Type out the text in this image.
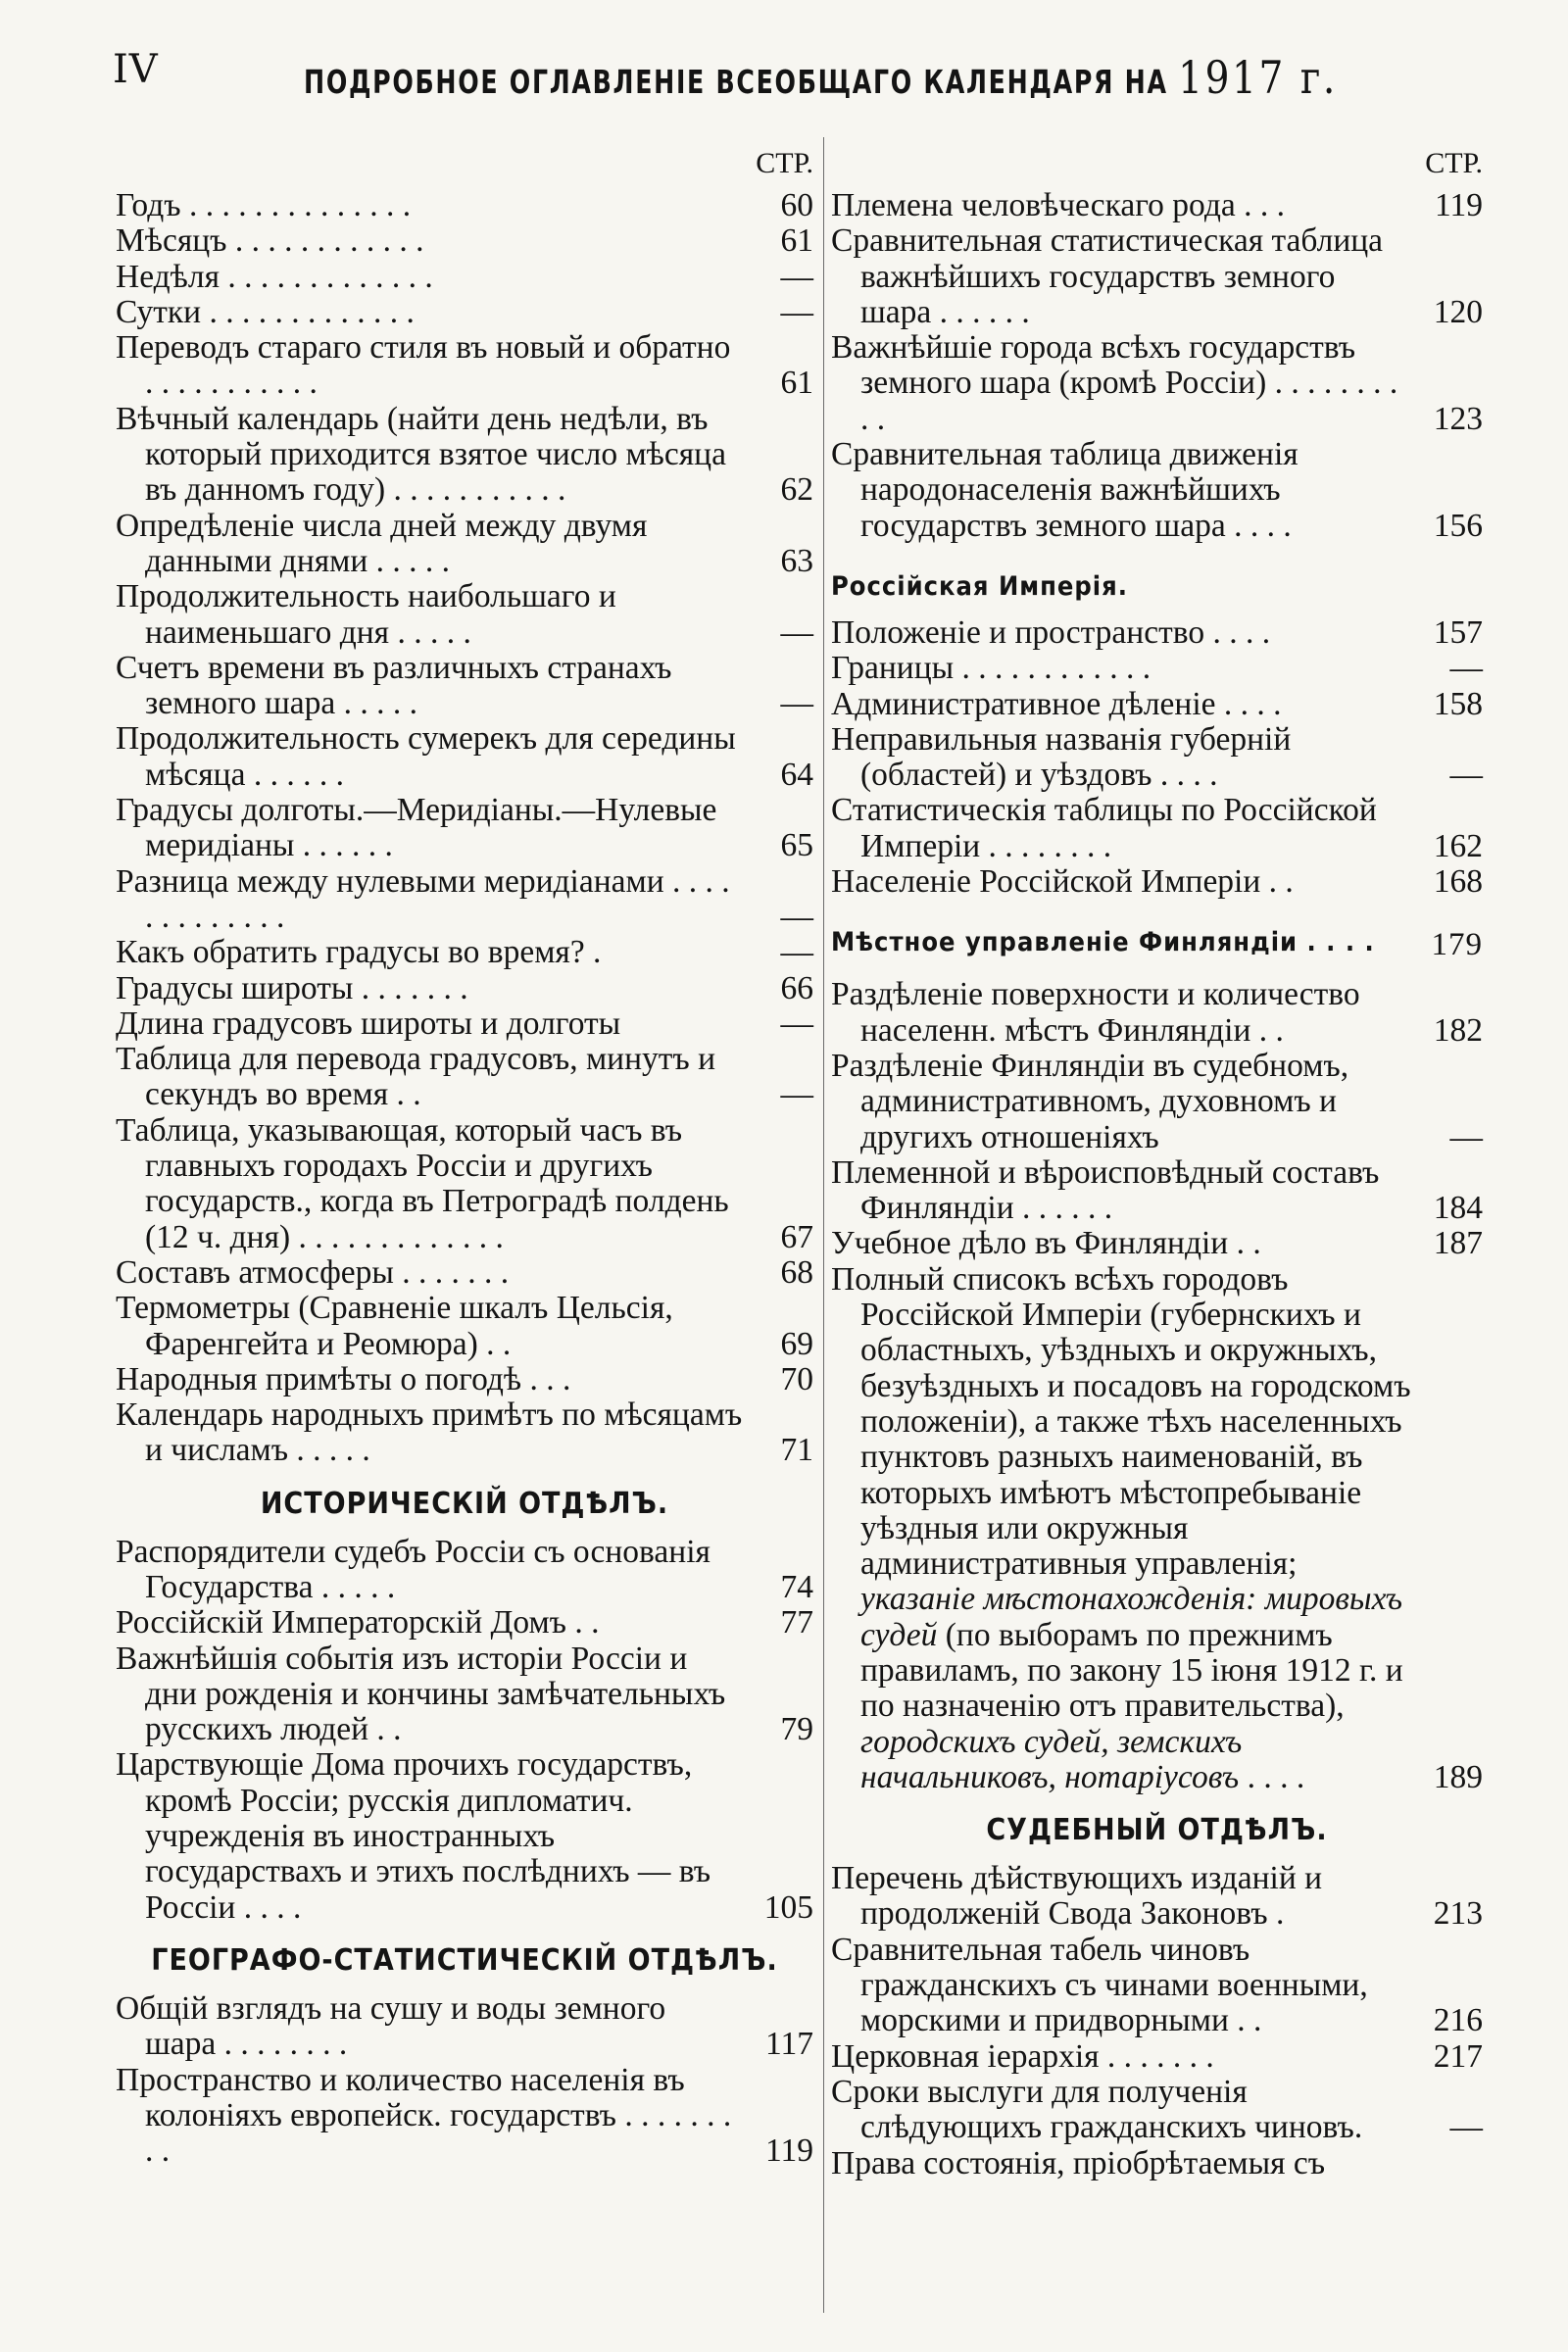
IV	ПОДРОБНОЕ ОГЛАВЛЕНІЕ ВСЕОБЩАГО КАЛЕНДАРЯ НА 1917 г.
СТР.
Годъ . . . . . . . . . . . . . .	60
Мѣсяцъ . . . . . . . . . . . .	61
Недѣля . . . . . . . . . . . . .	—
Сутки . . . . . . . . . . . . .	—
Переводъ стараго стиля въ новый и обратно . . . . . . . . . . .	61
Вѣчный календарь (найти день недѣли, въ который приходится взятое число мѣсяца въ данномъ году) . . . . . . . . . . .	62
Опредѣленіе числа дней между двумя данными днями . . . . .	63
Продолжительность наибольшаго и наименьшаго дня . . . . .	—
Счетъ времени въ различныхъ странахъ земного шара . . . . .	—
Продолжительность сумерекъ для середины мѣсяца . . . . . .	64
Градусы долготы.—Меридіаны.—Нулевые меридіаны . . . . . .	65
Разница между нулевыми меридіанами . . . . . . . . . . . . .	—
Какъ обратить градусы во время? .	—
Градусы широты . . . . . . .	66
Длина градусовъ широты и долготы	—
Таблица для перевода градусовъ, минутъ и секундъ во время . .	—
Таблица, указывающая, который часъ въ главныхъ городахъ Россіи и другихъ государств., когда въ Петроградѣ полдень (12 ч. дня) . . . . . . . . . . . . .	67
Составъ атмосферы . . . . . . .	68
Термометры (Сравненіе шкалъ Цельсія, Фаренгейта и Реомюра) . .	69
Народныя примѣты о погодѣ . . .	70
Календарь народныхъ примѣтъ по мѣсяцамъ и числамъ . . . . .	71
ИСТОРИЧЕСКІЙ ОТДѢЛЪ.
Распорядители судебъ Россіи съ основанія Государства . . . . .	74
Россійскій Императорскій Домъ . .	77
Важнѣйшія событія изъ исторіи Россіи и дни рожденія и кончины замѣчательныхъ русскихъ людей . .	79
Царствующіе Дома прочихъ государствъ, кромѣ Россіи; русскія дипломатич. учрежденія въ иностранныхъ государствахъ и этихъ послѣднихъ — въ Россіи . . . .	105
ГЕОГРАФО-СТАТИСТИЧЕСКІЙ ОТДѢЛЪ.
Общій взглядъ на сушу и воды земного шара . . . . . . . .	117
Пространство и количество населенія въ колоніяхъ европейск. государствъ . . . . . . . . .	119
СТР.
Племена человѣческаго рода . . .	119
Сравнительная статистическая таблица важнѣйшихъ государствъ земного шара . . . . . .	120
Важнѣйшіе города всѣхъ государствъ земного шара (кромѣ Россіи) . . . . . . . . . .	123
Сравнительная таблица движенія народонаселенія важнѣйшихъ государствъ земного шара . . . .	156
Россійская Имперія.
Положеніе и пространство . . . .	157
Границы . . . . . . . . . . . .	—
Административное дѣленіе . . . .	158
Неправильныя названія губерній (областей) и уѣздовъ . . . .	—
Статистическія таблицы по Россійской Имперіи . . . . . . . .	162
Населеніе Россійской Имперіи . .	168
Мѣстное управленіе Финляндіи . . . . 179
Раздѣленіе поверхности и количество населенн. мѣстъ Финляндіи . .	182
Раздѣленіе Финляндіи въ судебномъ, административномъ, духовномъ и другихъ отношеніяхъ	—
Племенной и вѣроисповѣдный составъ Финляндіи . . . . . .	184
Учебное дѣло въ Финляндіи . .	187
Полный списокъ всѣхъ городовъ Россійской Имперіи (губернскихъ и областныхъ, уѣздныхъ и окружныхъ, безуѣздныхъ и посадовъ на городскомъ положеніи), а также тѣхъ населенныхъ пунктовъ разныхъ наименованій, въ которыхъ имѣютъ мѣстопребываніе уѣздныя или окружныя административныя управленія; указаніе мѣстонахожденія: мировыхъ судей (по выборамъ по прежнимъ правиламъ, по закону 15 іюня 1912 г. и по назначенію отъ правительства), городскихъ судей, земскихъ начальниковъ, нотаріусовъ . . . .	189
СУДЕБНЫЙ ОТДѢЛЪ.
Перечень дѣйствующихъ изданій и продолженій Свода Законовъ .	213
Сравнительная табель чиновъ гражданскихъ съ чинами военными, морскими и придворными . .	216
Церковная іерархія . . . . . . .	217
Сроки выслуги для полученія слѣдующихъ гражданскихъ чиновъ.	—
Права состоянія, пріобрѣтаемыя съ
